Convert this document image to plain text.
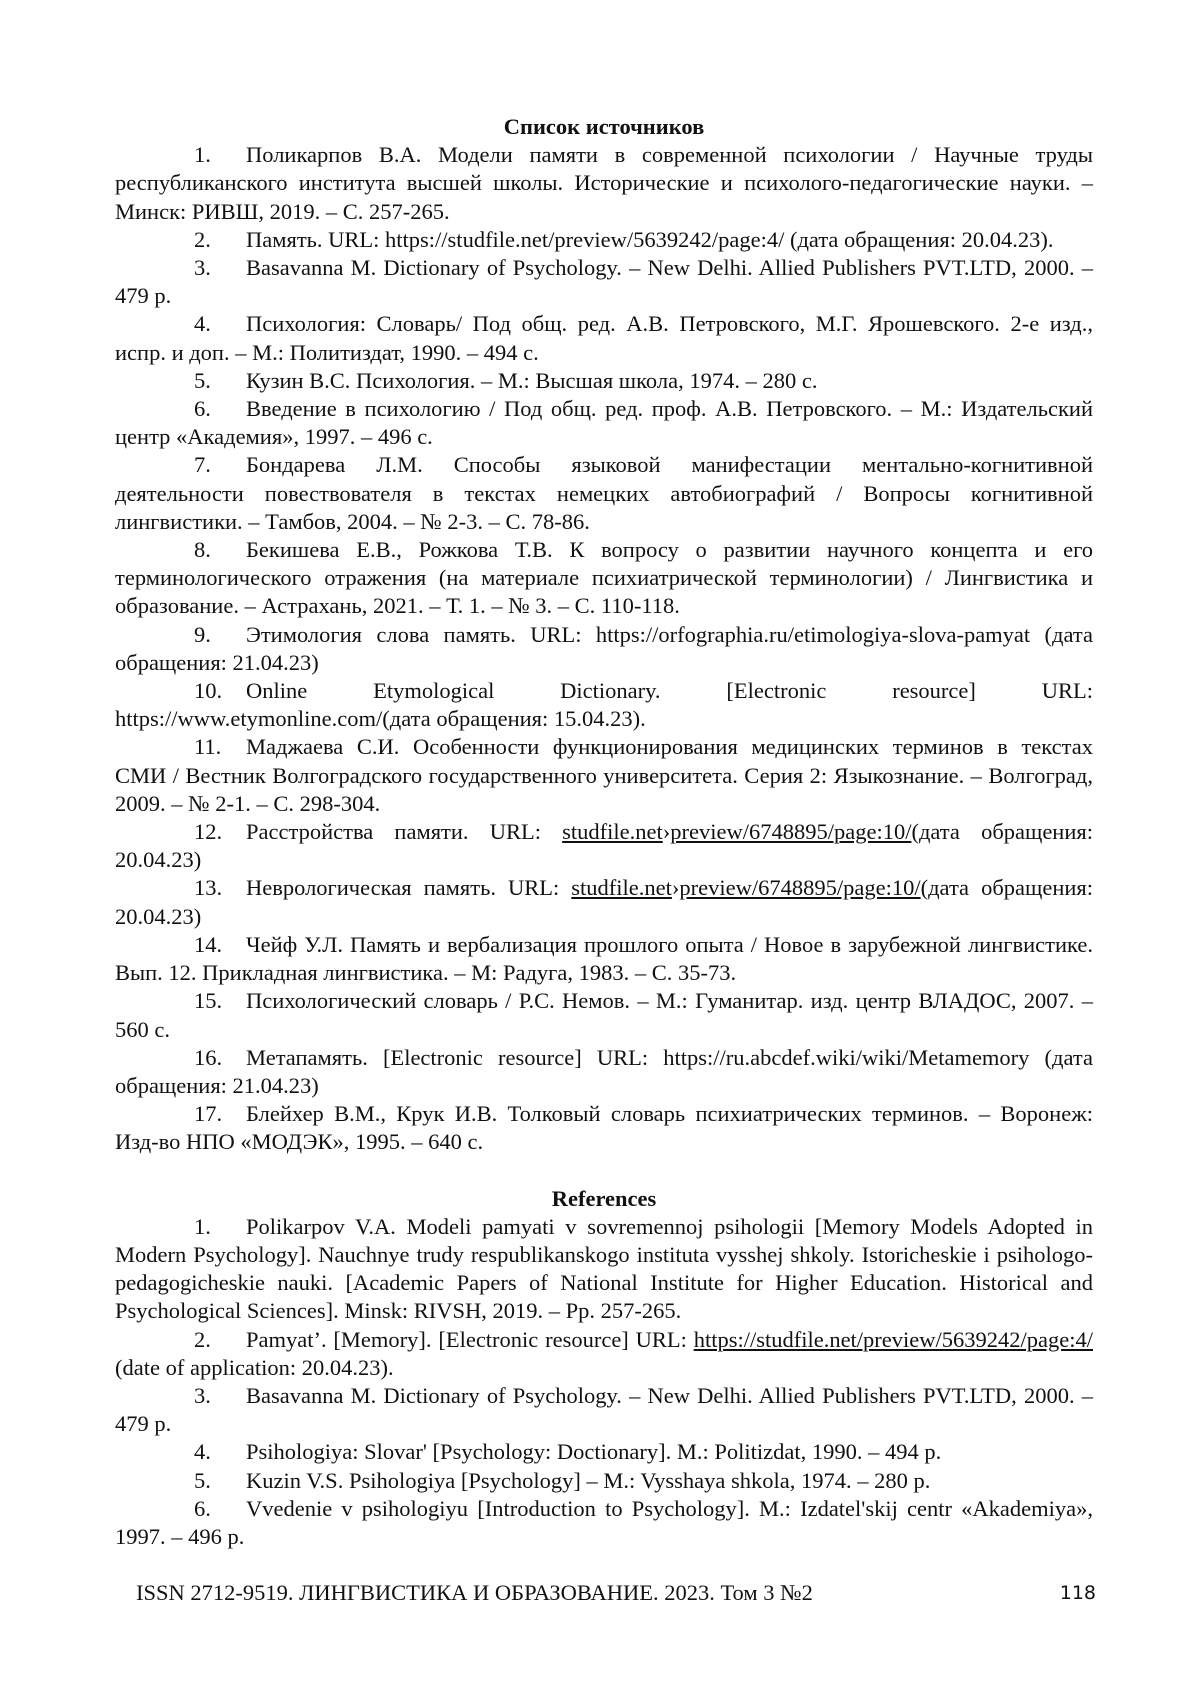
Список источников

1. Поликарпов В.А. Модели памяти в современной психологии / Научные труды республиканского института высшей школы. Исторические и психолого-педагогические науки. – Минск: РИВШ, 2019. – С. 257-265.

2. Память. URL: https://studfile.net/preview/5639242/page:4/ (дата обращения: 20.04.23).

3. Basavanna M. Dictionary of Psychology. – New Delhi. Allied Publishers PVT.LTD, 2000. – 479 p.

4. Психология: Словарь/ Под общ. ред. А.В. Петровского, М.Г. Ярошевского. 2-е изд., испр. и доп. – М.: Политиздат, 1990. – 494 с.

5. Кузин В.С. Психология. – М.: Высшая школа, 1974. – 280 с.

6. Введение в психологию / Под общ. ред. проф. А.В. Петровского. – М.: Издательский центр «Академия», 1997. – 496 с.

7. Бондарева Л.М. Способы языковой манифестации ментально-когнитивной деятельности повествователя в текстах немецких автобиографий / Вопросы когнитивной лингвистики. – Тамбов, 2004. – № 2-3. – С. 78-86.

8. Бекишева Е.В., Рожкова Т.В. К вопросу о развитии научного концепта и его терминологического отражения (на материале психиатрической терминологии) / Лингвистика и образование. – Астрахань, 2021. – Т. 1. – № 3. – С. 110-118.

9. Этимология слова память. URL: https://orfographia.ru/etimologiya-slova-pamyat (дата обращения: 21.04.23)

10. Online Etymological Dictionary. [Electronic resource] URL: https://www.etymonline.com/(дата обращения: 15.04.23).

11. Маджаева С.И. Особенности функционирования медицинских терминов в текстах СМИ / Вестник Волгоградского государственного университета. Серия 2: Языкознание. – Волгоград, 2009. – № 2-1. – С. 298-304.

12. Расстройства памяти. URL: studfile.net›preview/6748895/page:10/(дата обращения: 20.04.23)

13. Неврологическая память. URL: studfile.net›preview/6748895/page:10/(дата обращения: 20.04.23)

14. Чейф У.Л. Память и вербализация прошлого опыта / Новое в зарубежной лингвистике. Вып. 12. Прикладная лингвистика. – М: Радуга, 1983. – С. 35-73.

15. Психологический словарь / Р.С. Немов. – М.: Гуманитар. изд. центр ВЛАДОС, 2007. – 560 с.

16. Метапамять. [Electronic resource] URL: https://ru.abcdef.wiki/wiki/Metamemory (дата обращения: 21.04.23)

17. Блейхер В.М., Крук И.В. Толковый словарь психиатрических терминов. – Воронеж: Изд-во НПО «МОДЭК», 1995. – 640 с.

References

1. Polikarpov V.A. Modeli pamyati v sovremennoj psihologii [Memory Models Adopted in Modern Psychology]. Nauchnye trudy respublikanskogo instituta vysshej shkoly. Istoricheskie i psihologo-pedagogicheskie nauki. [Academic Papers of National Institute for Higher Education. Historical and Psychological Sciences]. Minsk: RIVSH, 2019. – Pp. 257-265.

2. Pamyat’. [Memory]. [Electronic resource] URL: https://studfile.net/preview/5639242/page:4/ (date of application: 20.04.23).

3. Basavanna M. Dictionary of Psychology. – New Delhi. Allied Publishers PVT.LTD, 2000. – 479 p.

4. Psihologiya: Slovar' [Psychology: Doctionary]. M.: Politizdat, 1990. – 494 p.

5. Kuzin V.S. Psihologiya [Psychology] – M.: Vysshaya shkola, 1974. – 280 p.

6. Vvedenie v psihologiyu [Introduction to Psychology]. M.: Izdatel'skij centr «Akademiya», 1997. – 496 p.

ISSN 2712-9519. ЛИНГВИСТИКА И ОБРАЗОВАНИЕ. 2023. Том 3 №2	118
